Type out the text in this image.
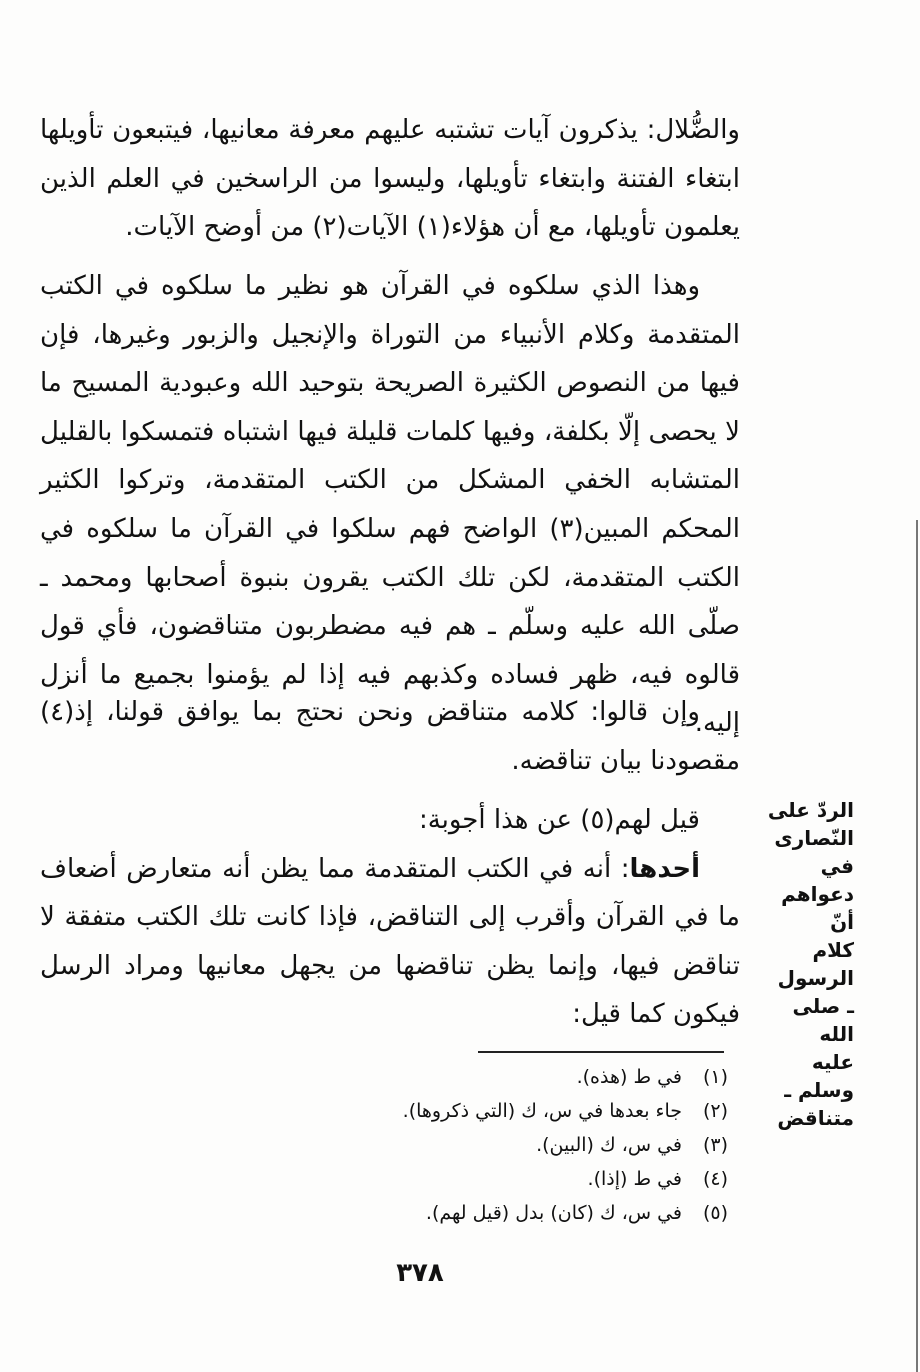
والضُّلال: يذكرون آيات تشتبه عليهم معرفة معانيها، فيتبعون تأويلها ابتغاء الفتنة وابتغاء تأويلها، وليسوا من الراسخين في العلم الذين يعلمون تأويلها، مع أن هؤلاء(١) الآيات(٢) من أوضح الآيات.

وهذا الذي سلكوه في القرآن هو نظير ما سلكوه في الكتب المتقدمة وكلام الأنبياء من التوراة والإنجيل والزبور وغيرها، فإن فيها من النصوص الكثيرة الصريحة بتوحيد الله وعبودية المسيح ما لا يحصى إلّا بكلفة، وفيها كلمات قليلة فيها اشتباه فتمسكوا بالقليل المتشابه الخفي المشكل من الكتب المتقدمة، وتركوا الكثير المحكم المبين(٣) الواضح فهم سلكوا في القرآن ما سلكوه في الكتب المتقدمة، لكن تلك الكتب يقرون بنبوة أصحابها ومحمد ـ صلّى الله عليه وسلّم ـ هم فيه مضطربون متناقضون، فأي قول قالوه فيه، ظهر فساده وكذبهم فيه إذا لم يؤمنوا بجميع ما أنزل إليه.

وإن قالوا: كلامه متناقض ونحن نحتج بما يوافق قولنا، إذ(٤) مقصودنا بيان تناقضه.

قيل لهم(٥) عن هذا أجوبة:

أحدها: أنه في الكتب المتقدمة مما يظن أنه متعارض أضعاف ما في القرآن وأقرب إلى التناقض، فإذا كانت تلك الكتب متفقة لا تناقض فيها، وإنما يظن تناقضها من يجهل معانيها ومراد الرسل فيكون كما قيل:

الردّ على
النّصارى في
دعواهم أنّ
كلام الرسول
ـ صلى الله
عليه وسلم ـ
متناقض

(١)في ط (هذه).

(٢)جاء بعدها في س، ك (التي ذكروها).

(٣)في س، ك (البين).

(٤)في ط (إذا).

(٥)في س، ك (كان) بدل (قيل لهم).

٣٧٨
